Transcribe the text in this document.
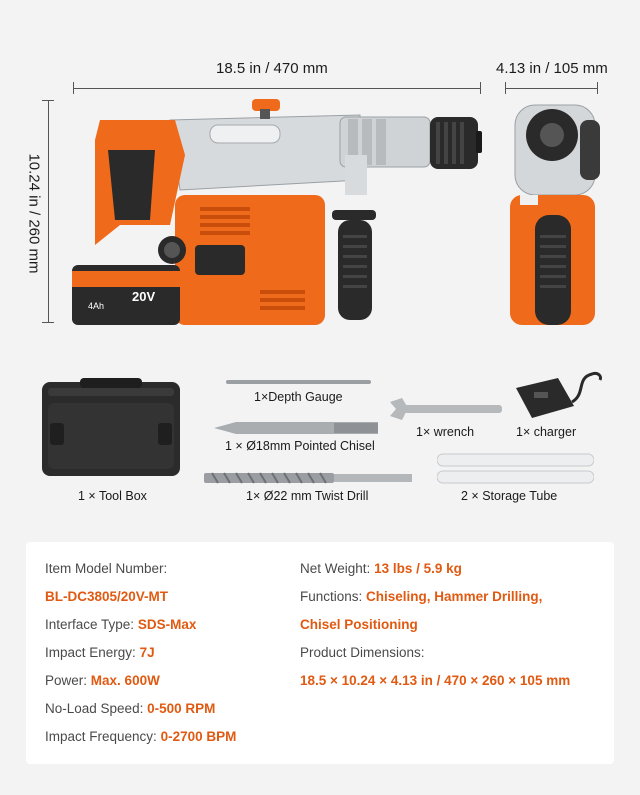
18.5 in / 470 mm	4.13 in / 105 mm
10.24 in / 260 mm
20V
4Ah
1 × Tool Box
1×Depth Gauge
1 × Ø18mm Pointed Chisel
1× Ø22 mm Twist Drill
1× wrench	1× charger
2 × Storage Tube
Item Model Number:
BL-DC3805/20V-MT
Interface Type: SDS-Max
Impact Energy: 7J
Power: Max. 600W
No-Load Speed: 0-500 RPM
Impact Frequency: 0-2700 BPM
Net Weight: 13 lbs / 5.9 kg
Functions: Chiseling, Hammer Drilling,
Chisel Positioning
Product Dimensions:
18.5 × 10.24 × 4.13 in / 470 × 260 × 105 mm
